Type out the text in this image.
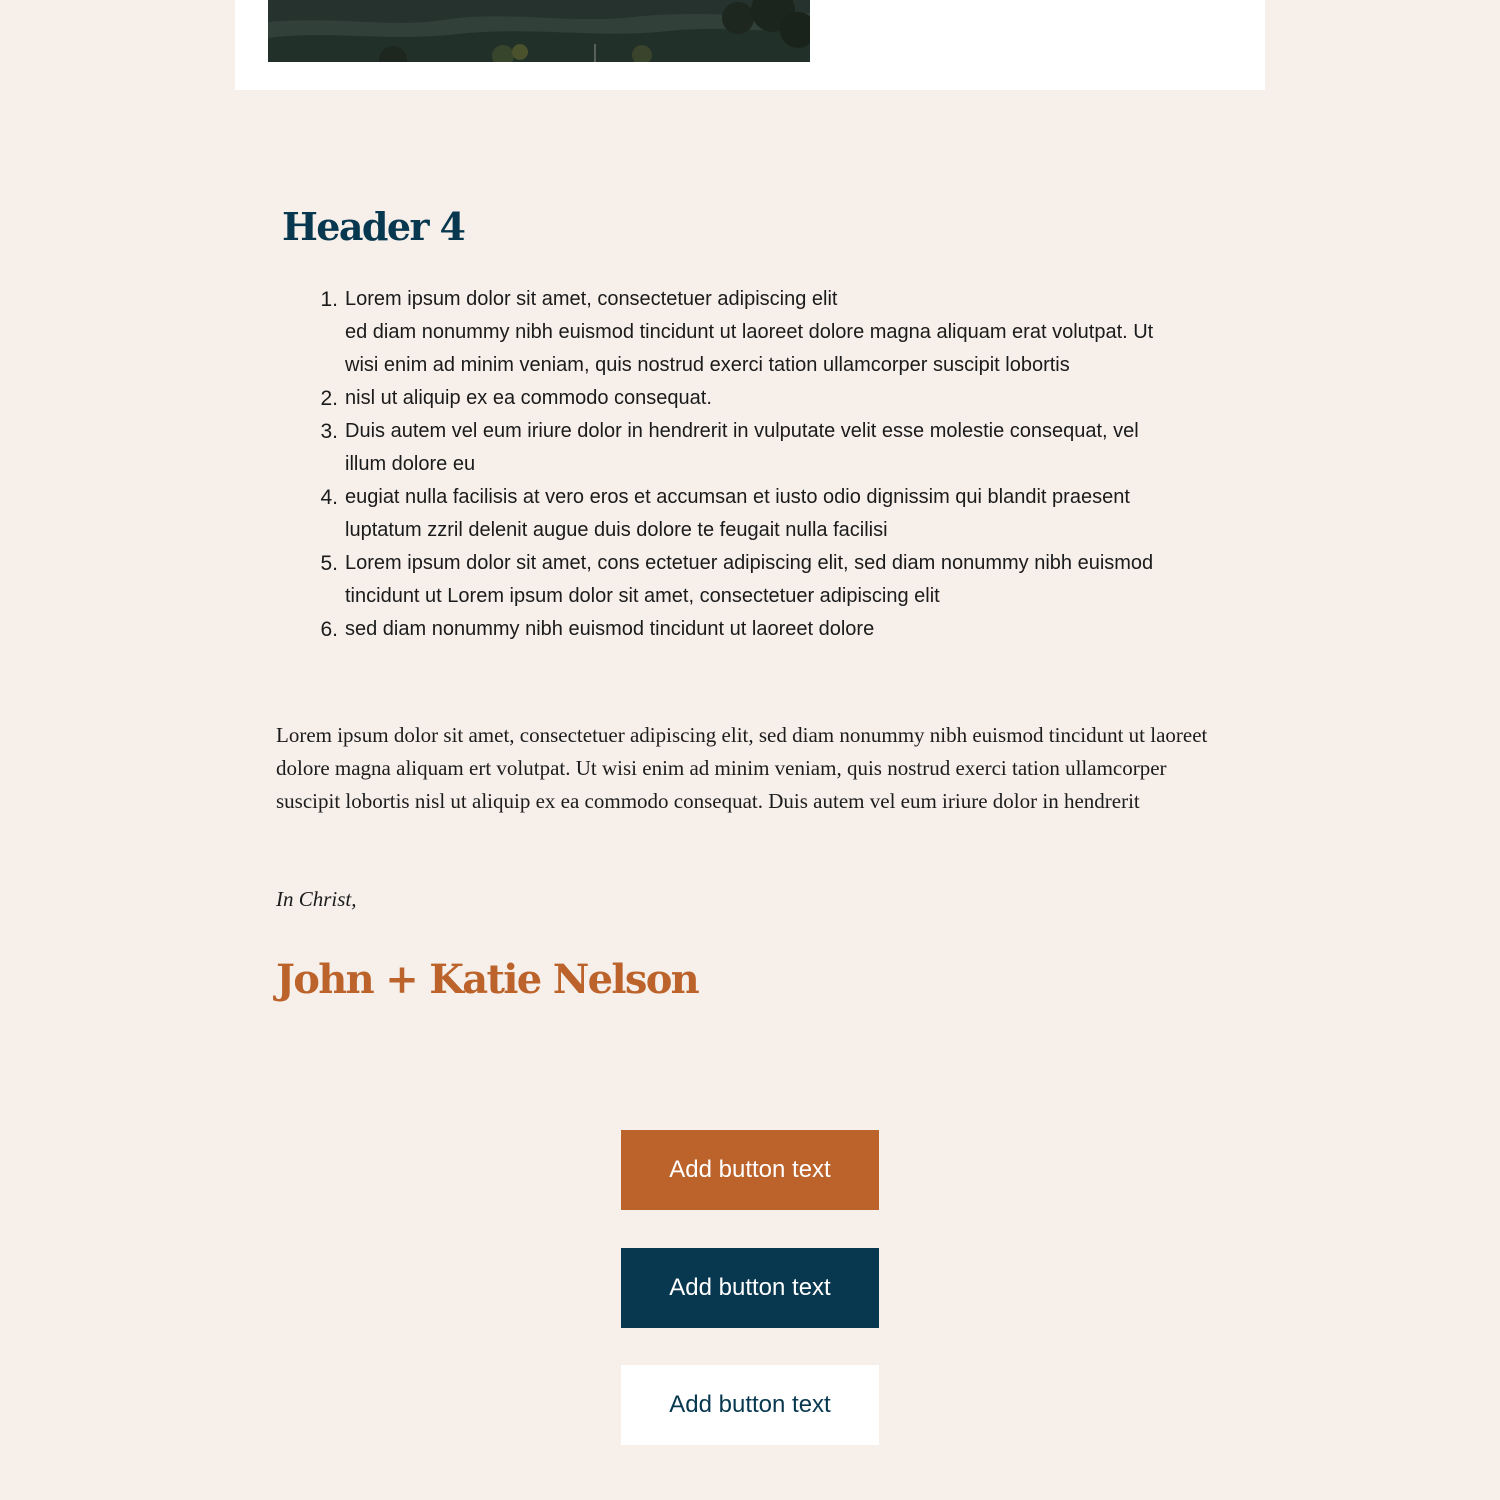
Header 4
1. Lorem ipsum dolor sit amet, consectetuer adipiscing elit
ed diam nonummy nibh euismod tincidunt ut laoreet dolore magna aliquam erat volutpat. Ut wisi enim ad minim veniam, quis nostrud exerci tation ullamcorper suscipit lobortis
2. nisl ut aliquip ex ea commodo consequat.
3. Duis autem vel eum iriure dolor in hendrerit in vulputate velit esse molestie consequat, vel illum dolore eu
4. eugiat nulla facilisis at vero eros et accumsan et iusto odio dignissim qui blandit praesent luptatum zzril delenit augue duis dolore te feugait nulla facilisi
5. Lorem ipsum dolor sit amet, cons ectetuer adipiscing elit, sed diam nonummy nibh euismod tincidunt ut Lorem ipsum dolor sit amet, consectetuer adipiscing elit
6. sed diam nonummy nibh euismod tincidunt ut laoreet dolore

Lorem ipsum dolor sit amet, consectetuer adipiscing elit, sed diam nonummy nibh euismod tincidunt ut laoreet dolore magna aliquam ert volutpat. Ut wisi enim ad minim veniam, quis nostrud exerci tation ullamcorper suscipit lobortis nisl ut aliquip ex ea commodo consequat. Duis autem vel eum iriure dolor in hendrerit

In Christ,

John + Katie Nelson

Add button text
Add button text
Add button text
